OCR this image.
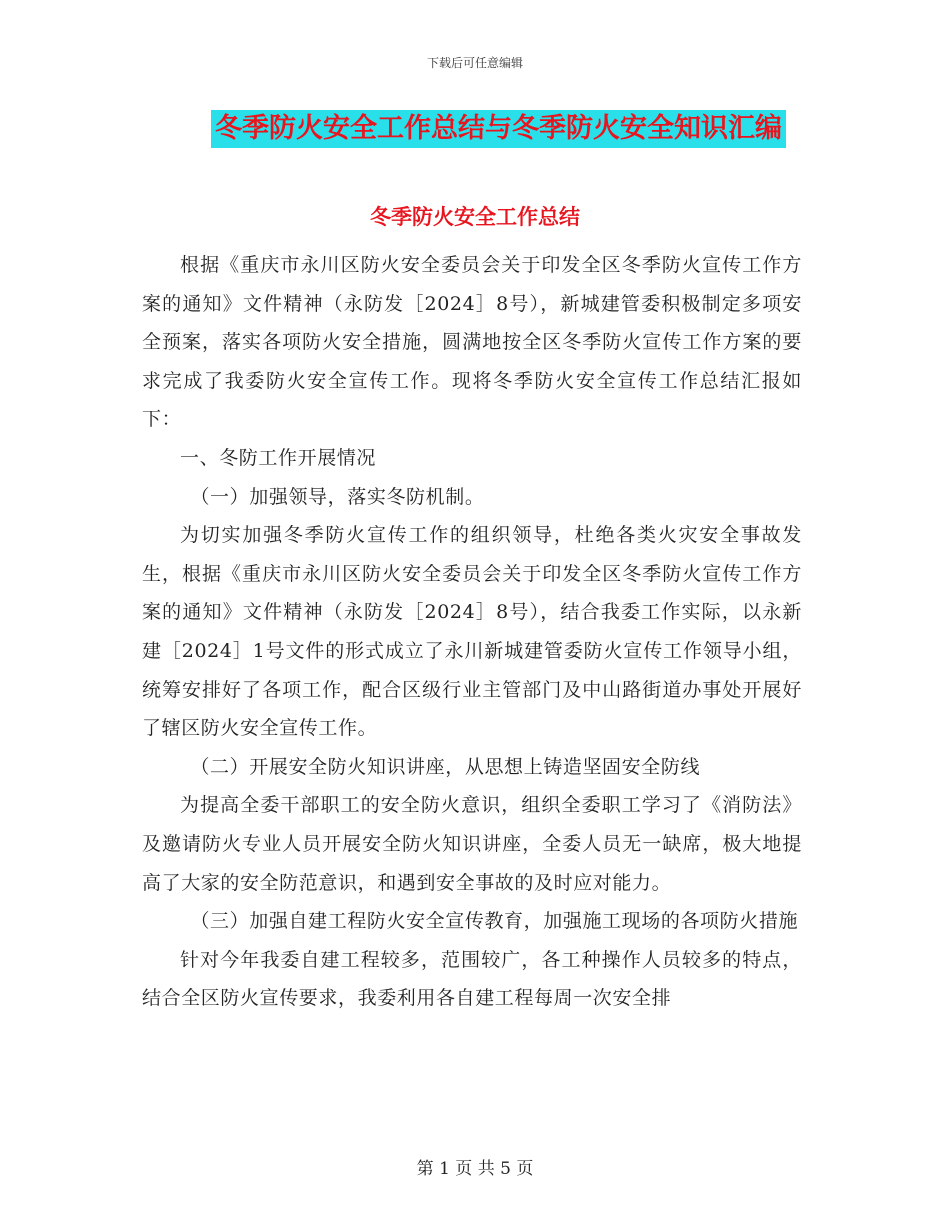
下载后可任意编辑
冬季防火安全工作总结与冬季防火安全知识汇编
冬季防火安全工作总结

根据《重庆市永川区防火安全委员会关于印发全区冬季防火宣传工作方案的通知》文件精神（永防发［2024］8号），新城建管委积极制定多项安全预案，落实各项防火安全措施，圆满地按全区冬季防火宣传工作方案的要求完成了我委防火安全宣传工作。现将冬季防火安全宣传工作总结汇报如下：

一、冬防工作开展情况

（一）加强领导，落实冬防机制。

为切实加强冬季防火宣传工作的组织领导，杜绝各类火灾安全事故发生，根据《重庆市永川区防火安全委员会关于印发全区冬季防火宣传工作方案的通知》文件精神（永防发［2024］8号），结合我委工作实际，以永新建［2024］1号文件的形式成立了永川新城建管委防火宣传工作领导小组，统筹安排好了各项工作，配合区级行业主管部门及中山路街道办事处开展好了辖区防火安全宣传工作。

（二）开展安全防火知识讲座，从思想上铸造坚固安全防线

为提高全委干部职工的安全防火意识，组织全委职工学习了《消防法》及邀请防火专业人员开展安全防火知识讲座，全委人员无一缺席，极大地提高了大家的安全防范意识，和遇到安全事故的及时应对能力。

（三）加强自建工程防火安全宣传教育，加强施工现场的各项防火措施

针对今年我委自建工程较多，范围较广，各工种操作人员较多的特点，结合全区防火宣传要求，我委利用各自建工程每周一次安全排

第 1 页 共 5 页
